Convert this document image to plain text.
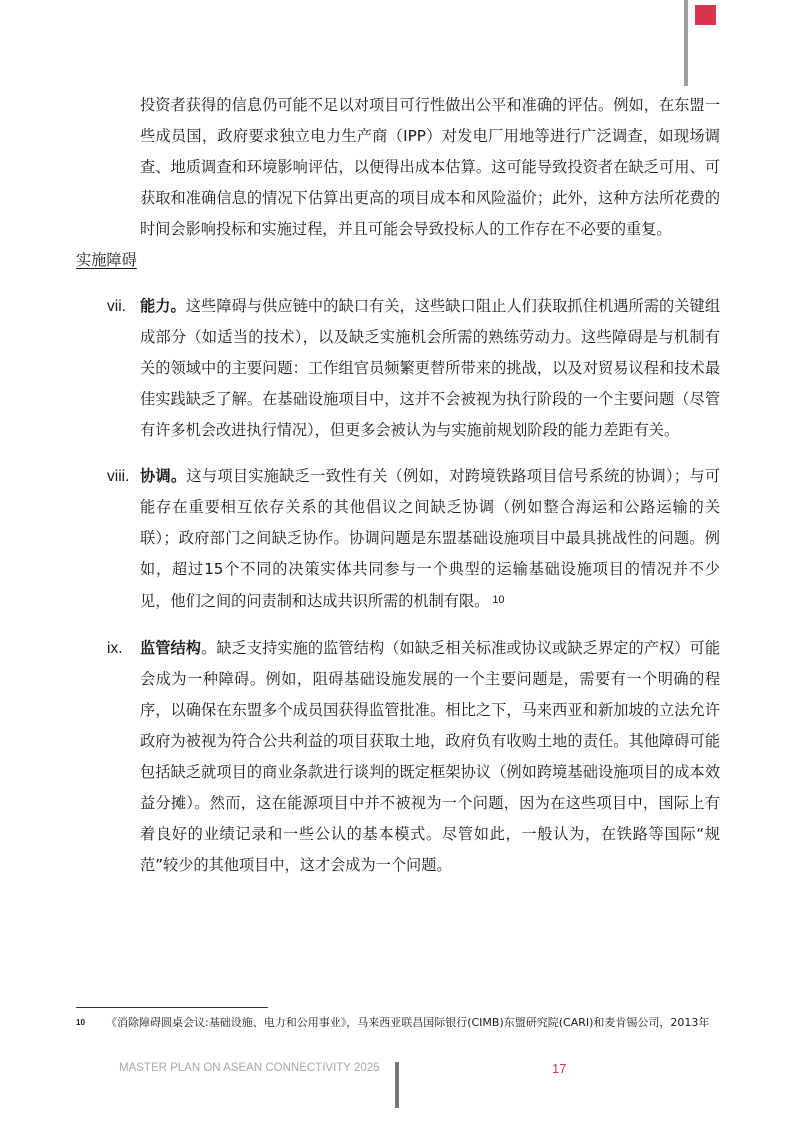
投资者获得的信息仍可能不足以对项目可行性做出公平和准确的评估。例如，在东盟一些成员国，政府要求独立电力生产商（IPP）对发电厂用地等进行广泛调查，如现场调查、地质调查和环境影响评估，以便得出成本估算。这可能导致投资者在缺乏可用、可获取和准确信息的情况下估算出更高的项目成本和风险溢价；此外，这种方法所花费的时间会影响投标和实施过程，并且可能会导致投标人的工作存在不必要的重复。

实施障碍

vii. 能力。这些障碍与供应链中的缺口有关，这些缺口阻止人们获取抓住机遇所需的关键组成部分（如适当的技术），以及缺乏实施机会所需的熟练劳动力。这些障碍是与机制有关的领域中的主要问题：工作组官员频繁更替所带来的挑战，以及对贸易议程和技术最佳实践缺乏了解。在基础设施项目中，这并不会被视为执行阶段的一个主要问题（尽管有许多机会改进执行情况），但更多会被认为与实施前规划阶段的能力差距有关。

viii. 协调。这与项目实施缺乏一致性有关（例如，对跨境铁路项目信号系统的协调）；与可能存在重要相互依存关系的其他倡议之间缺乏协调（例如整合海运和公路运输的关联）；政府部门之间缺乏协作。协调问题是东盟基础设施项目中最具挑战性的问题。例如，超过15个不同的决策实体共同参与一个典型的运输基础设施项目的情况并不少见，他们之间的问责制和达成共识所需的机制有限。 $^{10}$

ix. 监管结构。缺乏支持实施的监管结构（如缺乏相关标准或协议或缺乏界定的产权）可能会成为一种障碍。例如，阻碍基础设施发展的一个主要问题是，需要有一个明确的程序，以确保在东盟多个成员国获得监管批准。相比之下，马来西亚和新加坡的立法允许政府为被视为符合公共利益的项目获取土地，政府负有收购土地的责任。其他障碍可能包括缺乏就项目的商业条款进行谈判的既定框架协议（例如跨境基础设施项目的成本效益分摊）。然而，这在能源项目中并不被视为一个问题，因为在这些项目中，国际上有着良好的业绩记录和一些公认的基本模式。尽管如此，一般认为，在铁路等国际“规范”较少的其他项目中，这才会成为一个问题。

10 《消除障碍圆桌会议:基础设施、电力和公用事业》，马来西亚联昌国际银行(CIMB)东盟研究院(CARI)和麦肯锡公司，2013年
MASTER PLAN ON ASEAN CONNECTIVITY 2025	17
